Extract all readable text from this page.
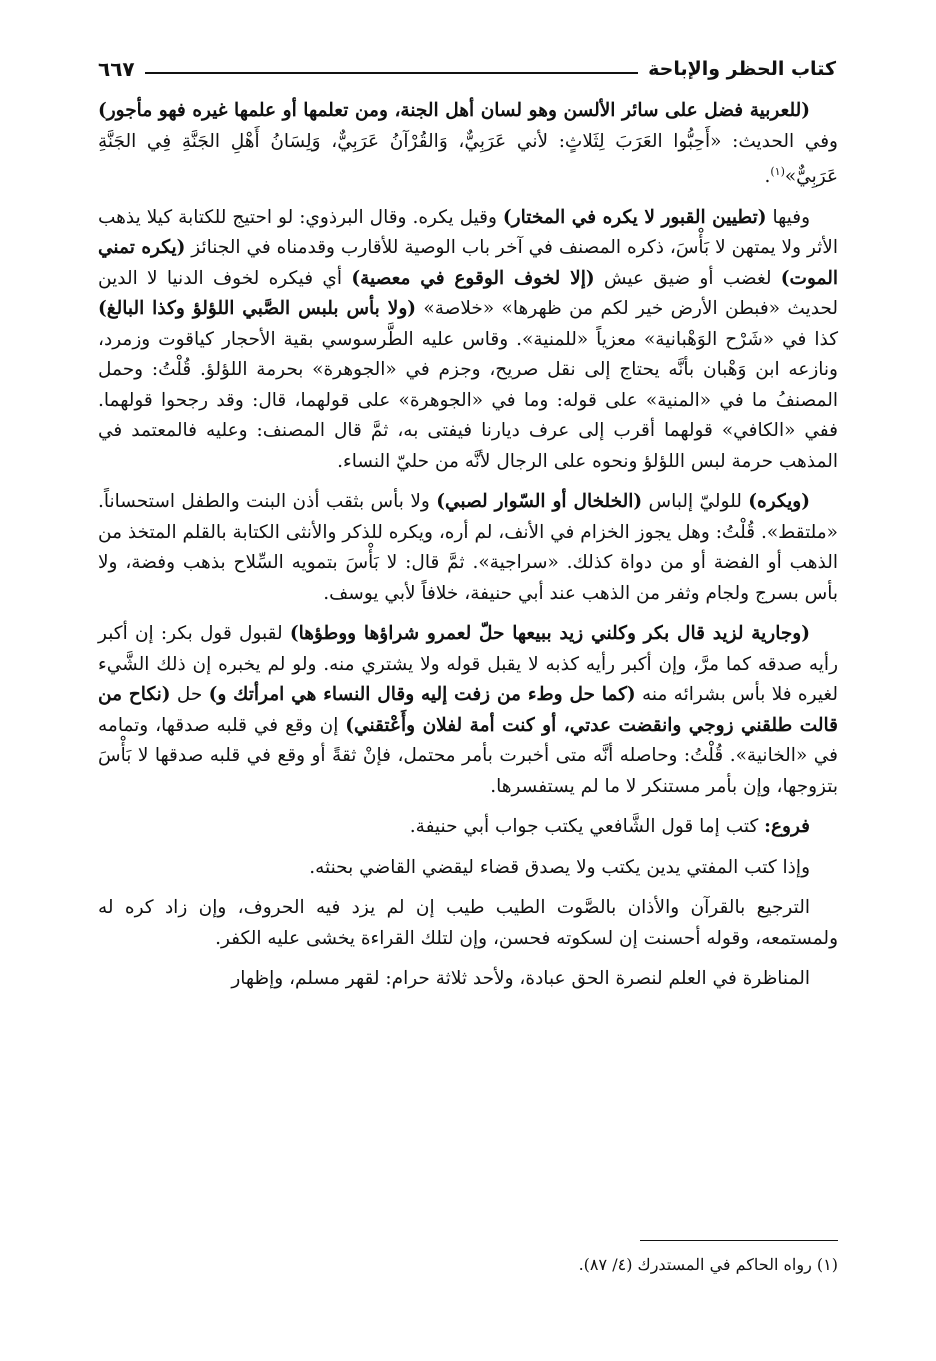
كتاب الحظر والإباحة
٦٦٧

(للعربية فضل على سائر الألسن وهو لسان أهل الجنة، ومن تعلمها أو علمها غيره فهو مأجور) وفي الحديث: «أَحِبُّوا العَرَبَ لِثَلاثٍ: لأني عَرَبِيٌّ، وَالقُرْآنُ عَرَبِيٌّ، وَلِسَانُ أَهْلِ الجَنَّةِ فِي الجَنَّةِ عَرَبِيٌّ»$^{(١)}$.

وفيها (تطيين القبور لا يكره في المختار) وقيل يكره. وقال البرذوي: لو احتيج للكتابة كيلا يذهب الأثر ولا يمتهن لا بَأْسَ، ذكره المصنف في آخر باب الوصية للأقارب وقدمناه في الجنائز (يكره تمني الموت) لغضب أو ضيق عيش (إلا لخوف الوقوع في معصية) أي فيكره لخوف الدنيا لا الدين لحديث «فبطن الأرض خير لكم من ظهرها» «خلاصة» (ولا بأس بلبس الصَّبي اللؤلؤ وكذا البالغ) كذا في «شَرْح الوَهْبانية» معزياً «للمنية». وقاس عليه الطَّرسوسي بقية الأحجار كياقوت وزمرد، ونازعه ابن وَهْبان بأنَّه يحتاج إلى نقل صريح، وجزم في «الجوهرة» بحرمة اللؤلؤ. قُلْتُ: وحمل المصنفُ ما في «المنية» على قوله: وما في «الجوهرة» على قولهما، قال: وقد رجحوا قولهما. ففي «الكافي» قولهما أقرب إلى عرف ديارنا فيفتى به، ثمَّ قال المصنف: وعليه فالمعتمد في المذهب حرمة لبس اللؤلؤ ونحوه على الرجال لأنَّه من حليّ النساء.

(ويكره) للوليّ إلباس (الخلخال أو السّوار لصبي) ولا بأس بثقب أذن البنت والطفل استحساناً. «ملتقط». قُلْتُ: وهل يجوز الخزام في الأنف، لم أره، ويكره للذكر والأنثى الكتابة بالقلم المتخذ من الذهب أو الفضة أو من دواة كذلك. «سراجية». ثمَّ قال: لا بَأْسَ بتمويه السِّلاح بذهب وفضة، ولا بأس بسرج ولجام وثفر من الذهب عند أبي حنيفة، خلافاً لأبي يوسف.

(وجارية لزيد قال بكر وكلني زيد ببيعها حلّ لعمرو شراؤها ووطؤها) لقبول قول بكر: إن أكبر رأيه صدقه كما مرَّ، وإن أكبر رأيه كذبه لا يقبل قوله ولا يشتري منه. ولو لم يخبره إن ذلك الشَّيء لغيره فلا بأس بشرائه منه (كما حل وطء من زفت إليه وقال النساء هي امرأتك و) حل (نكاح من قالت طلقني زوجي وانقضت عدتي، أو كنت أمة لفلان وأَعْتقني) إن وقع في قلبه صدقها، وتمامه في «الخانية». قُلْتُ: وحاصله أنَّه متى أخبرت بأمر محتمل، فإنْ ثقةً أو وقع في قلبه صدقها لا بَأْسَ بتزوجها، وإن بأمر مستنكر لا ما لم يستفسرها.

فروع: كتب إما قول الشَّافعي يكتب جواب أبي حنيفة.

وإذا كتب المفتي يدين يكتب ولا يصدق قضاء ليقضي القاضي بحنثه.

الترجيع بالقرآن والأذان بالصَّوت الطيب طيب إن لم يزد فيه الحروف، وإن زاد كره له ولمستمعه، وقوله أحسنت إن لسكوته فحسن، وإن لتلك القراءة يخشى عليه الكفر.

المناظرة في العلم لنصرة الحق عبادة، ولأحد ثلاثة حرام: لقهر مسلم، وإظهار

(١) رواه الحاكم في المستدرك (٤/ ٨٧).
